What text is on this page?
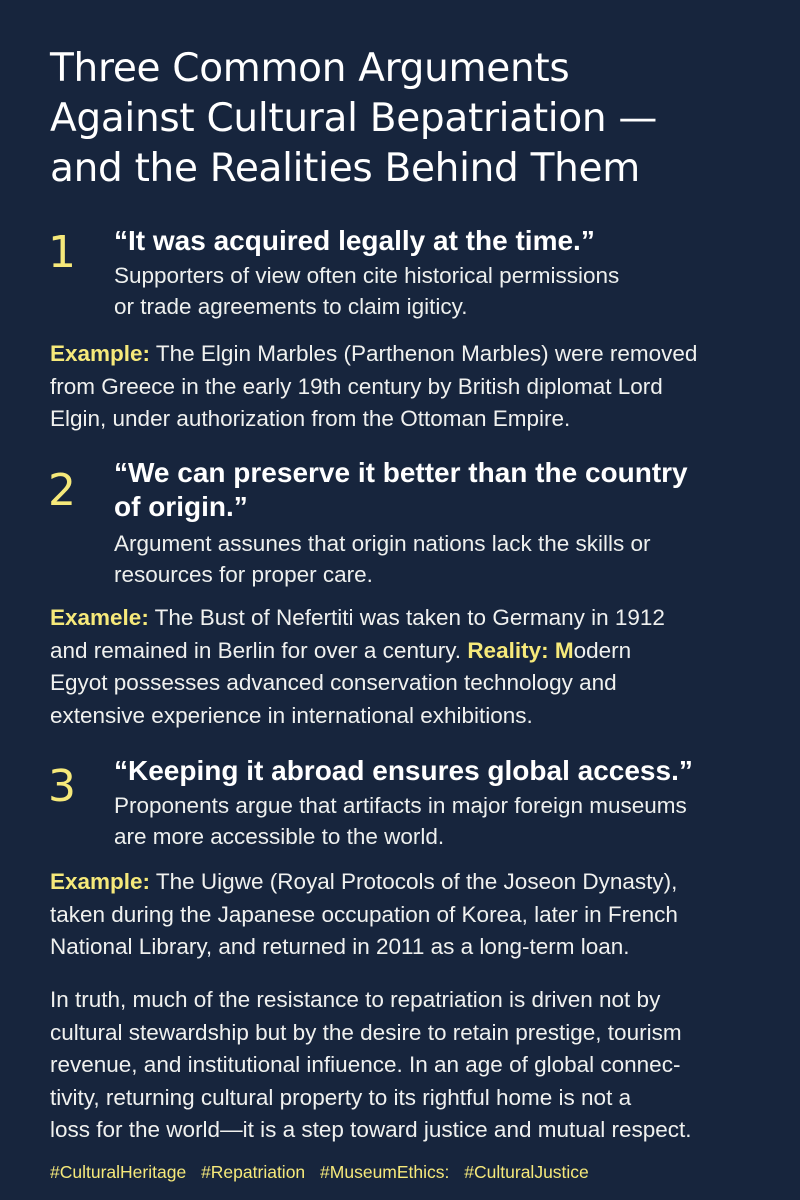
Three Common Arguments
Against Cultural Bepatriation —
and the Realities Behind Them
1 “It was acquired legally at the time.”
Supporters of view often cite historical permissions
or trade agreements to claim igiticy.
Example: The Elgin Marbles (Parthenon Marbles) were removed
from Greece in the early 19th century by British diplomat Lord
Elgin, under authorization from the Ottoman Empire.
2 “We can preserve it better than the country
of origin.”
Argument assunes that origin nations lack the skills or
resources for proper care.
Examele: The Bust of Nefertiti was taken to Germany in 1912
and remained in Berlin for over a century. Reality: Modern
Egyot possesses advanced conservation technology and
extensive experience in international exhibitions.
3 “Keeping it abroad ensures global access.”
Proponents argue that artifacts in major foreign museums
are more accessible to the world.
Example: The Uigwe (Royal Protocols of the Joseon Dynasty),
taken during the Japanese occupation of Korea, later in French
National Library, and returned in 2011 as a long-term loan.
In truth, much of the resistance to repatriation is driven not by
cultural stewardship but by the desire to retain prestige, tourism
revenue, and institutional infiuence. In an age of global connec-
tivity, returning cultural property to its rightful home is not a
loss for the world—it is a step toward justice and mutual respect.
#CulturalHeritage #Repatriation #MuseumEthics: #CulturalJustice
